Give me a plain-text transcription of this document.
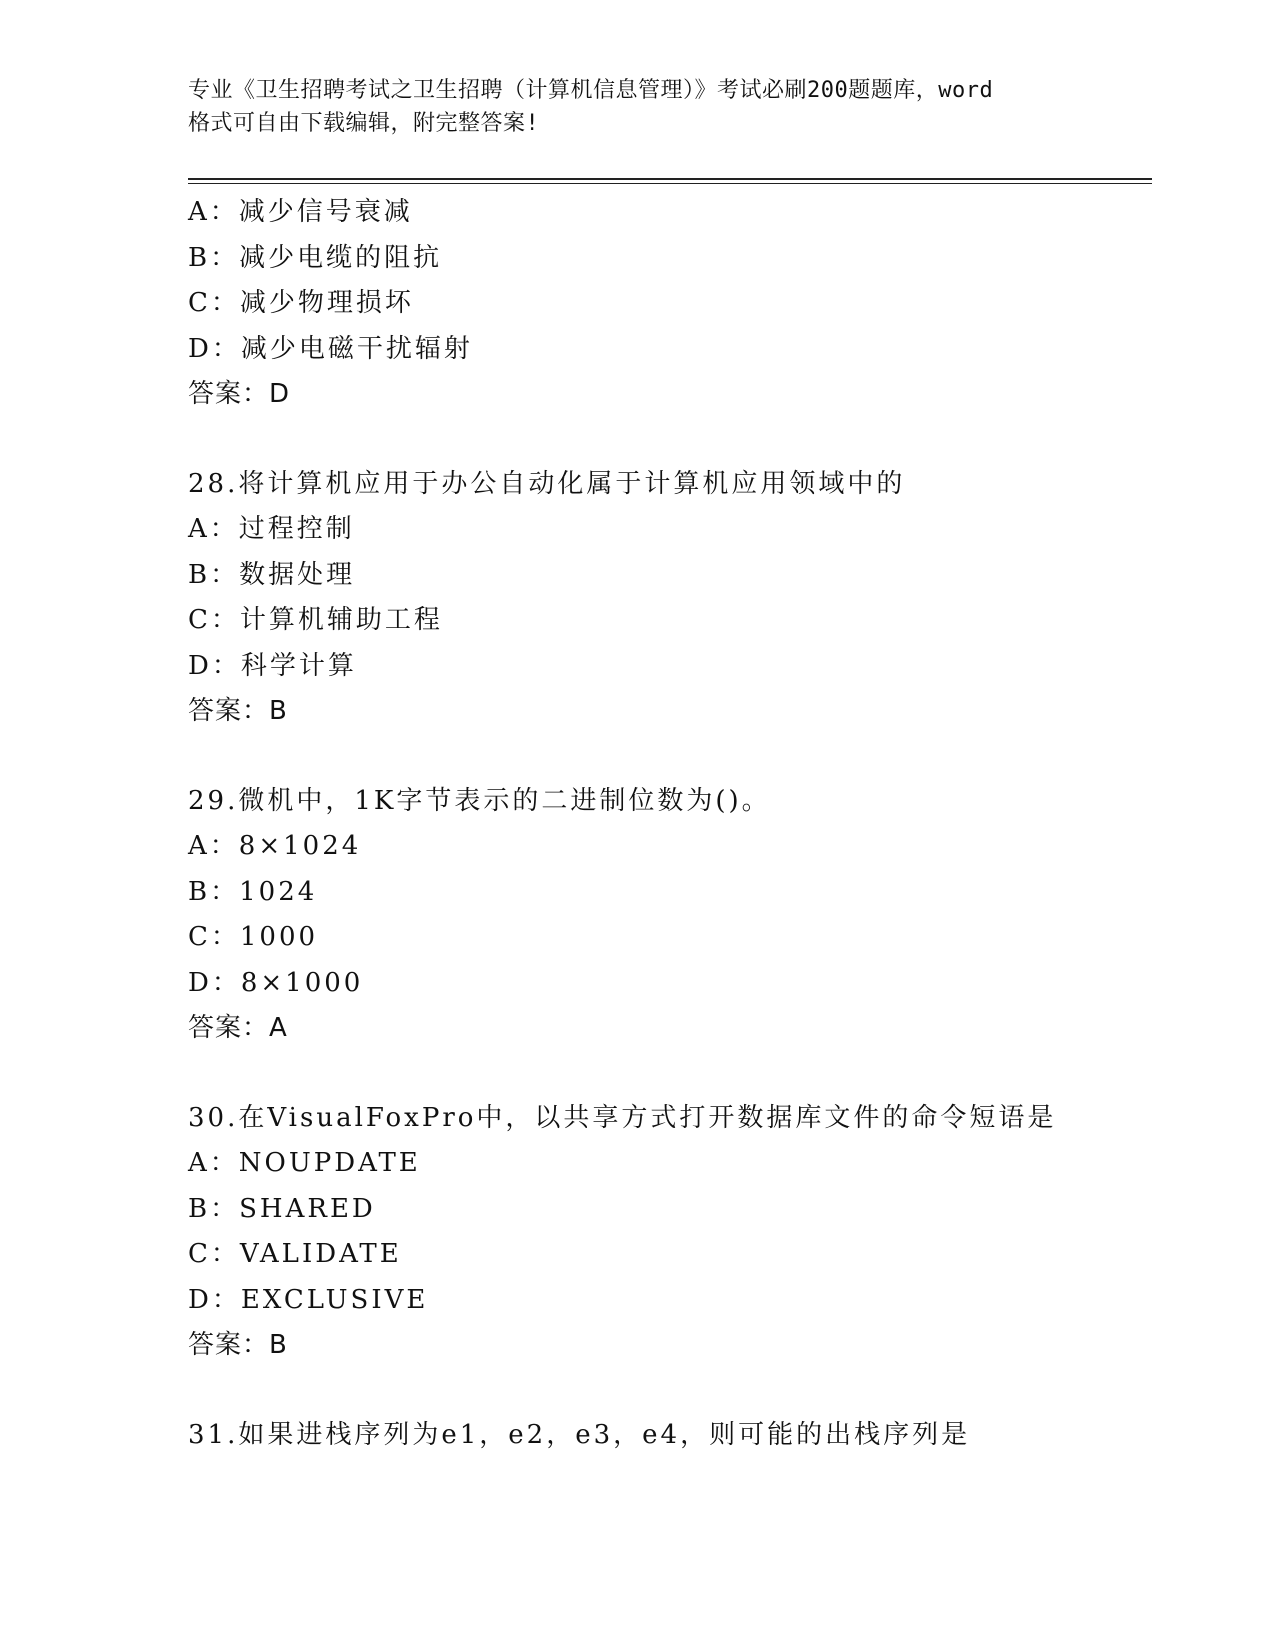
专业《卫生招聘考试之卫生招聘（计算机信息管理）》考试必刷200题题库，word
格式可自由下载编辑，附完整答案!
A：减少信号衰减
B：减少电缆的阻抗
C：减少物理损坏
D：减少电磁干扰辐射
答案：D
28.将计算机应用于办公自动化属于计算机应用领域中的
A：过程控制
B：数据处理
C：计算机辅助工程
D：科学计算
答案：B
29.微机中，1K字节表示的二进制位数为()。
A：8×1024
B：1024
C：1000
D：8×1000
答案：A
30.在VisualFoxPro中，以共享方式打开数据库文件的命令短语是
A：NOUPDATE
B：SHARED
C：VALIDATE
D：EXCLUSIVE
答案：B
31.如果进栈序列为e1，e2，e3，e4，则可能的出栈序列是
